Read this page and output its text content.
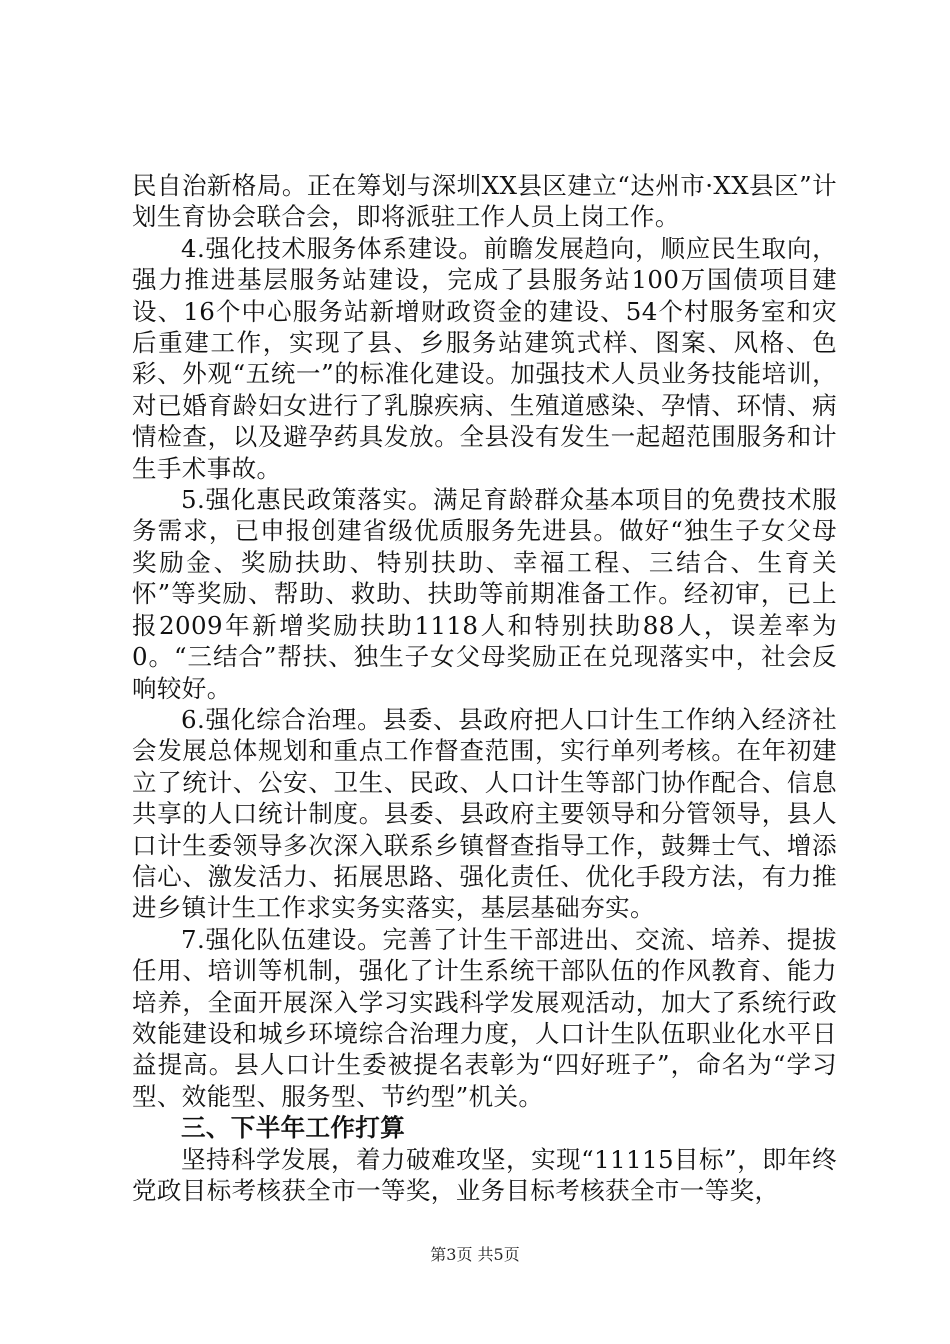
民自治新格局。正在筹划与深圳XX县区建立“达州市·XX县区”计划生育协会联合会，即将派驻工作人员上岗工作。

4.强化技术服务体系建设。前瞻发展趋向，顺应民生取向，强力推进基层服务站建设，完成了县服务站100万国债项目建设、16个中心服务站新增财政资金的建设、54个村服务室和灾后重建工作，实现了县、乡服务站建筑式样、图案、风格、色彩、外观“五统一”的标准化建设。加强技术人员业务技能培训，对已婚育龄妇女进行了乳腺疾病、生殖道感染、孕情、环情、病情检查，以及避孕药具发放。全县没有发生一起超范围服务和计生手术事故。

5.强化惠民政策落实。满足育龄群众基本项目的免费技术服务需求，已申报创建省级优质服务先进县。做好“独生子女父母奖励金、奖励扶助、特别扶助、幸福工程、三结合、生育关怀”等奖励、帮助、救助、扶助等前期准备工作。经初审，已上报2009年新增奖励扶助1118人和特别扶助88人，误差率为0。“三结合”帮扶、独生子女父母奖励正在兑现落实中，社会反响较好。

6.强化综合治理。县委、县政府把人口计生工作纳入经济社会发展总体规划和重点工作督查范围，实行单列考核。在年初建立了统计、公安、卫生、民政、人口计生等部门协作配合、信息共享的人口统计制度。县委、县政府主要领导和分管领导，县人口计生委领导多次深入联系乡镇督查指导工作，鼓舞士气、增添信心、激发活力、拓展思路、强化责任、优化手段方法，有力推进乡镇计生工作求实务实落实，基层基础夯实。

7.强化队伍建设。完善了计生干部进出、交流、培养、提拔任用、培训等机制，强化了计生系统干部队伍的作风教育、能力培养，全面开展深入学习实践科学发展观活动，加大了系统行政效能建设和城乡环境综合治理力度，人口计生队伍职业化水平日益提高。县人口计生委被提名表彰为“四好班子”，命名为“学习型、效能型、服务型、节约型”机关。

三、下半年工作打算

坚持科学发展，着力破难攻坚，实现“11115目标”，即年终党政目标考核获全市一等奖，业务目标考核获全市一等奖，

第3页 共5页
